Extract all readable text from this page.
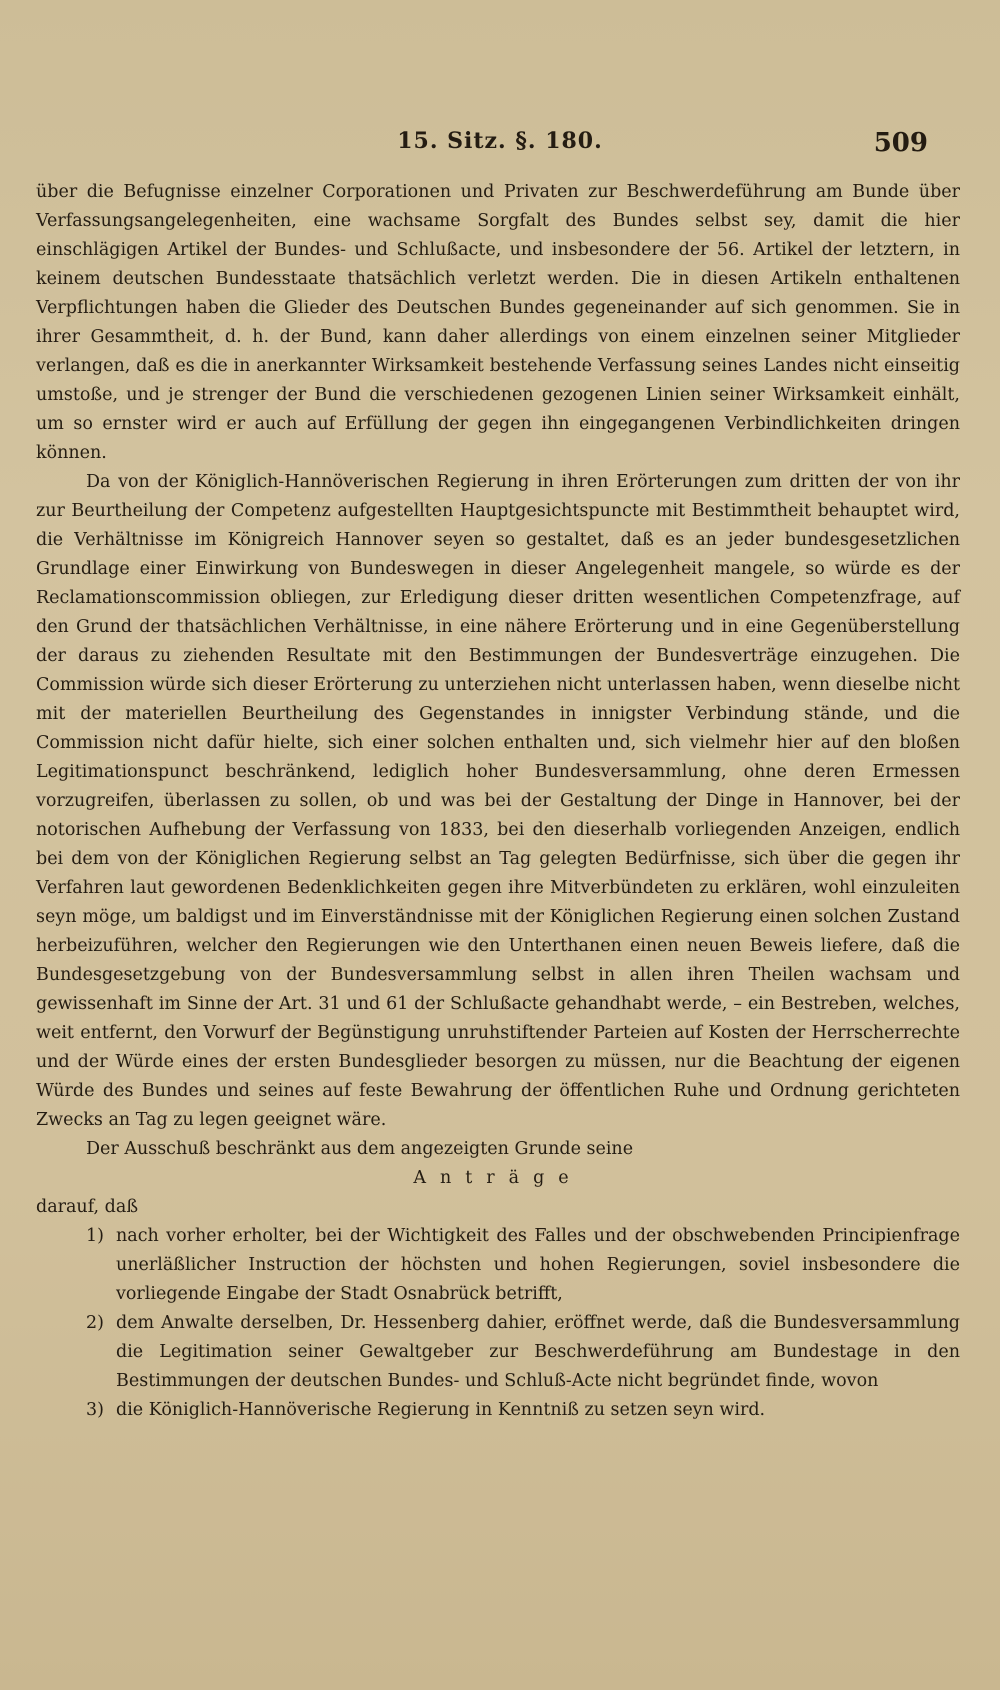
15. Sitz. §. 180.	509

über die Befugnisse einzelner Corporationen und Privaten zur Beschwerdeführung am Bunde über Verfassungsangelegenheiten, eine wachsame Sorgfalt des Bundes selbst sey, damit die hier einschlägigen Artikel der Bundes- und Schlußacte, und insbesondere der 56. Artikel der letztern, in keinem deutschen Bundesstaate thatsächlich verletzt werden. Die in diesen Artikeln enthaltenen Verpflichtungen haben die Glieder des Deutschen Bundes gegeneinander auf sich genommen. Sie in ihrer Gesammtheit, d. h. der Bund, kann daher allerdings von einem einzelnen seiner Mitglieder verlangen, daß es die in anerkannter Wirksamkeit bestehende Verfassung seines Landes nicht einseitig umstoße, und je strenger der Bund die verschiedenen gezogenen Linien seiner Wirksamkeit einhält, um so ernster wird er auch auf Erfüllung der gegen ihn eingegangenen Verbindlichkeiten dringen können.

Da von der Königlich-Hannöverischen Regierung in ihren Erörterungen zum dritten der von ihr zur Beurtheilung der Competenz aufgestellten Hauptgesichtspuncte mit Bestimmtheit behauptet wird, die Verhältnisse im Königreich Hannover seyen so gestaltet, daß es an jeder bundesgesetzlichen Grundlage einer Einwirkung von Bundeswegen in dieser Angelegenheit mangele, so würde es der Reclamationscommission obliegen, zur Erledigung dieser dritten wesentlichen Competenzfrage, auf den Grund der thatsächlichen Verhältnisse, in eine nähere Erörterung und in eine Gegenüberstellung der daraus zu ziehenden Resultate mit den Bestimmungen der Bundesverträge einzugehen. Die Commission würde sich dieser Erörterung zu unterziehen nicht unterlassen haben, wenn dieselbe nicht mit der materiellen Beurtheilung des Gegenstandes in innigster Verbindung stände, und die Commission nicht dafür hielte, sich einer solchen enthalten und, sich vielmehr hier auf den bloßen Legitimationspunct beschränkend, lediglich hoher Bundesversammlung, ohne deren Ermessen vorzugreifen, überlassen zu sollen, ob und was bei der Gestaltung der Dinge in Hannover, bei der notorischen Aufhebung der Verfassung von 1833, bei den dieserhalb vorliegenden Anzeigen, endlich bei dem von der Königlichen Regierung selbst an Tag gelegten Bedürfnisse, sich über die gegen ihr Verfahren laut gewordenen Bedenklichkeiten gegen ihre Mitverbündeten zu erklären, wohl einzuleiten seyn möge, um baldigst und im Einverständnisse mit der Königlichen Regierung einen solchen Zustand herbeizuführen, welcher den Regierungen wie den Unterthanen einen neuen Beweis liefere, daß die Bundesgesetzgebung von der Bundesversammlung selbst in allen ihren Theilen wachsam und gewissenhaft im Sinne der Art. 31 und 61 der Schlußacte gehandhabt werde, – ein Bestreben, welches, weit entfernt, den Vorwurf der Begünstigung unruhstiftender Parteien auf Kosten der Herrscherrechte und der Würde eines der ersten Bundesglieder besorgen zu müssen, nur die Beachtung der eigenen Würde des Bundes und seines auf feste Bewahrung der öffentlichen Ruhe und Ordnung gerichteten Zwecks an Tag zu legen geeignet wäre.

Der Ausschuß beschränkt aus dem angezeigten Grunde seine

Anträge

darauf, daß

1) nach vorher erholter, bei der Wichtigkeit des Falles und der obschwebenden Principienfrage unerläßlicher Instruction der höchsten und hohen Regierungen, soviel insbesondere die vorliegende Eingabe der Stadt Osnabrück betrifft,
2) dem Anwalte derselben, Dr. Hessenberg dahier, eröffnet werde, daß die Bundesversammlung die Legitimation seiner Gewaltgeber zur Beschwerdeführung am Bundestage in den Bestimmungen der deutschen Bundes- und Schluß-Acte nicht begründet finde, wovon
3) die Königlich-Hannöverische Regierung in Kenntniß zu setzen seyn wird.
